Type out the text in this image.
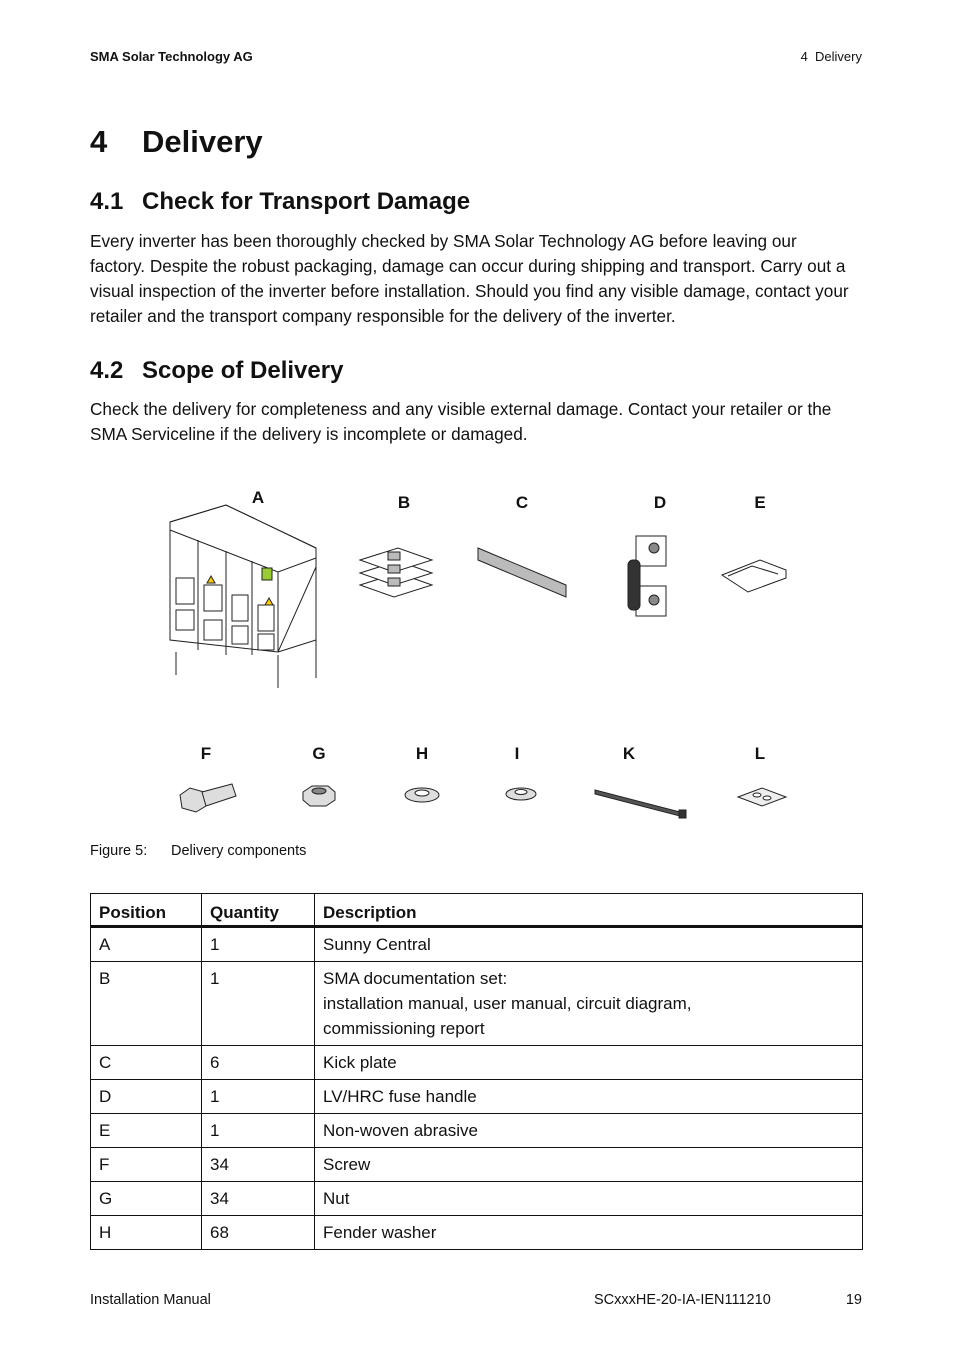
SMA Solar Technology AG	4  Delivery
4 Delivery
4.1 Check for Transport Damage
Every inverter has been thoroughly checked by SMA Solar Technology AG before leaving our
factory. Despite the robust packaging, damage can occur during shipping and transport. Carry out a
visual inspection of the inverter before installation. Should you find any visible damage, contact your
retailer and the transport company responsible for the delivery of the inverter.
4.2 Scope of Delivery
Check the delivery for completeness and any visible external damage. Contact your retailer or the
SMA Serviceline if the delivery is incomplete or damaged.
A	B	C	D	E
F	G	H	I	K	L
Figure 5: Delivery components
Position	Quantity	Description
A	1	Sunny Central

B	1	SMA documentation set:
installation manual, user manual, circuit diagram,
commissioning report

C	6	Kick plate

D	1	LV/HRC fuse handle

E	1	Non-woven abrasive

F	34	Screw

G	34	Nut

H	68	Fender washer
Installation Manual	SCxxxHE-20-IA-IEN111210	19
